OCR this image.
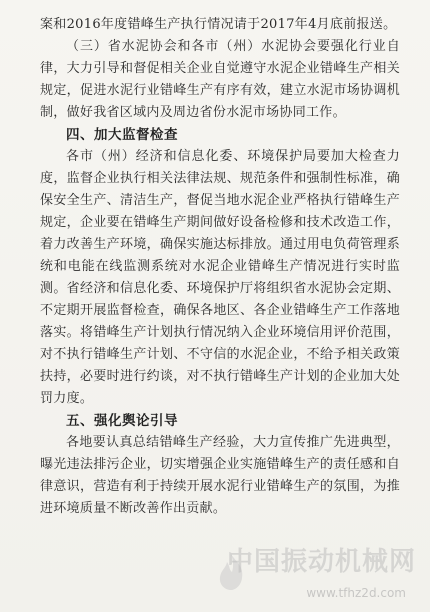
案和2016年度错峰生产执行情况请于2017年4月底前报送。

（三）省水泥协会和各市（州）水泥协会要强化行业自律，大力引导和督促相关企业自觉遵守水泥企业错峰生产相关规定，促进水泥行业错峰生产有序有效，建立水泥市场协调机制，做好我省区域内及周边省份水泥市场协同工作。

四、加大监督检查

各市（州）经济和信息化委、环境保护局要加大检查力度，监督企业执行相关法律法规、规范条件和强制性标准，确保安全生产、清洁生产，督促当地水泥企业严格执行错峰生产规定，企业要在错峰生产期间做好设备检修和技术改造工作，着力改善生产环境，确保实施达标排放。通过用电负荷管理系统和电能在线监测系统对水泥企业错峰生产情况进行实时监测。省经济和信息化委、环境保护厅将组织省水泥协会定期、不定期开展监督检查，确保各地区、各企业错峰生产工作落地落实。将错峰生产计划执行情况纳入企业环境信用评价范围，对不执行错峰生产计划、不守信的水泥企业，不给予相关政策扶持，必要时进行约谈，对不执行错峰生产计划的企业加大处罚力度。

五、强化舆论引导

各地要认真总结错峰生产经验，大力宣传推广先进典型，曝光违法排污企业，切实增强企业实施错峰生产的责任感和自律意识，营造有利于持续开展水泥行业错峰生产的氛围，为推进环境质量不断改善作出贡献。

中国振动机械网
www.tfhz2d.com
